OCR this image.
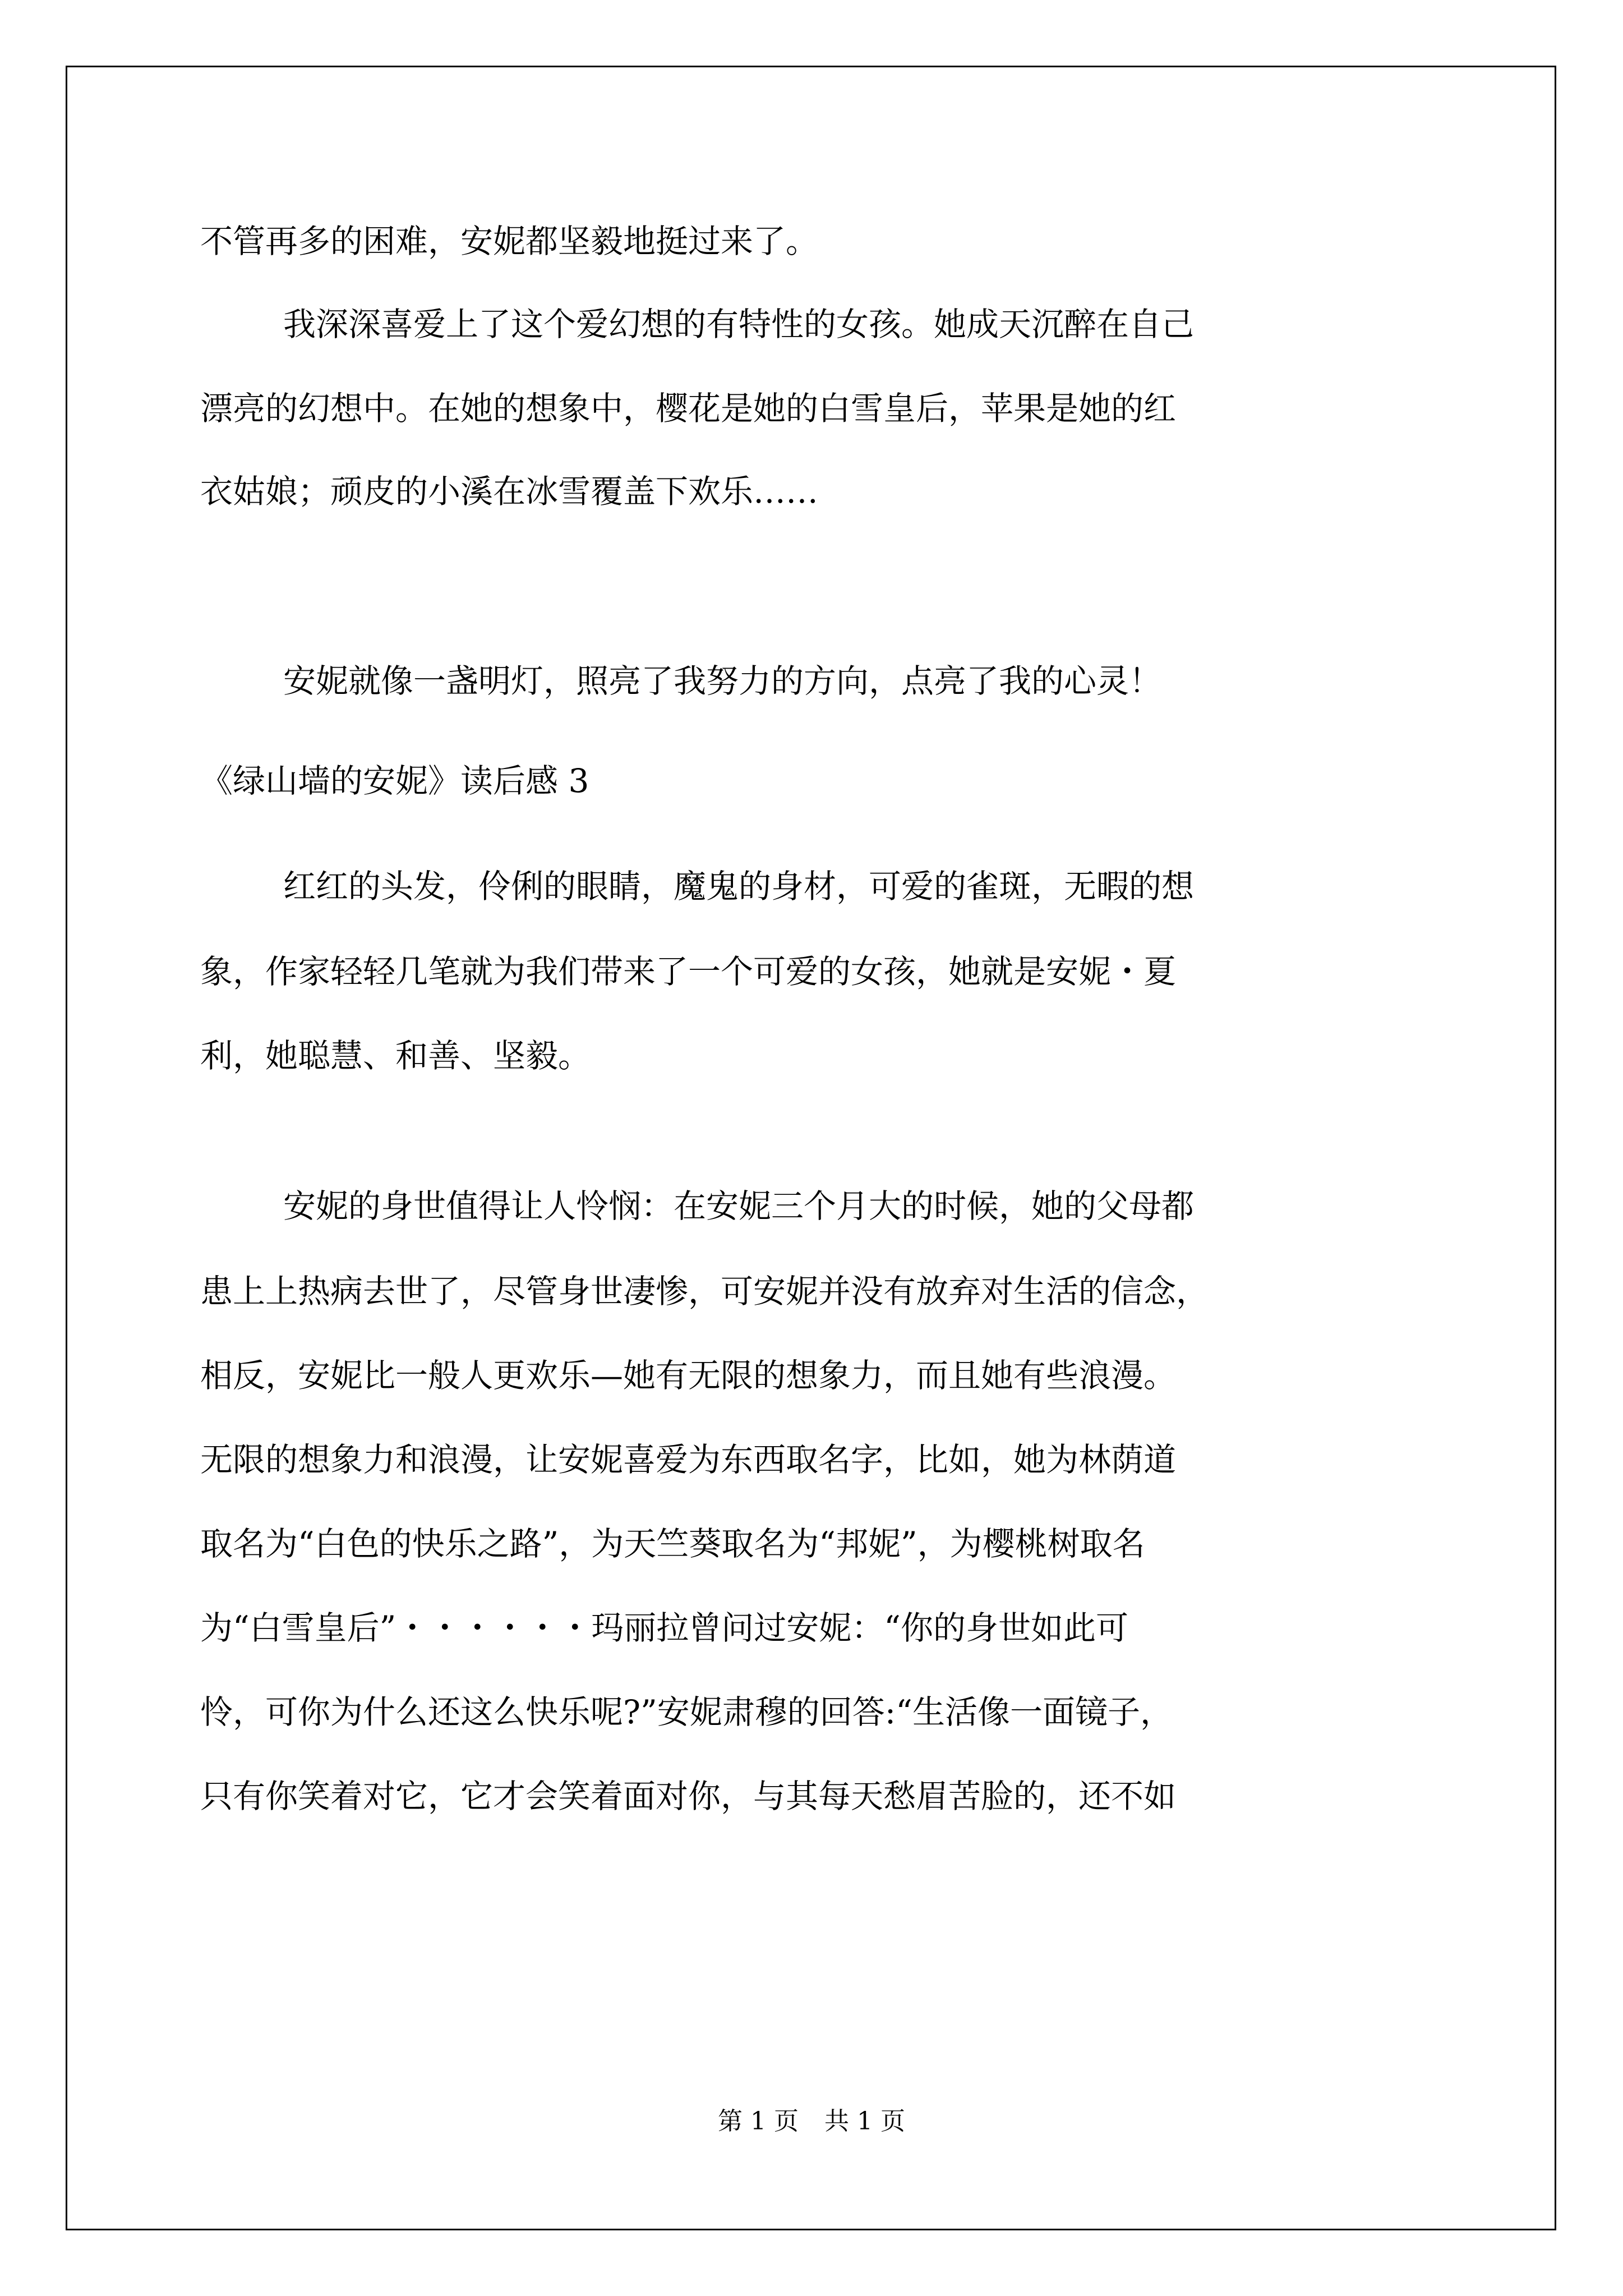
不管再多的困难，安妮都坚毅地挺过来了。
我深深喜爱上了这个爱幻想的有特性的女孩。她成天沉醉在自己
漂亮的幻想中。在她的想象中，樱花是她的白雪皇后，苹果是她的红
衣姑娘；顽皮的小溪在冰雪覆盖下欢乐……
安妮就像一盏明灯，照亮了我努力的方向，点亮了我的心灵！
《绿山墙的安妮》读后感 3
红红的头发，伶俐的眼睛，魔鬼的身材，可爱的雀斑，无暇的想
象，作家轻轻几笔就为我们带来了一个可爱的女孩，她就是安妮・夏
利，她聪慧、和善、坚毅。
安妮的身世值得让人怜悯：在安妮三个月大的时候，她的父母都
患上上热病去世了，尽管身世凄惨，可安妮并没有放弃对生活的信念，
相反，安妮比一般人更欢乐—她有无限的想象力，而且她有些浪漫。
无限的想象力和浪漫，让安妮喜爱为东西取名字，比如，她为林荫道
取名为“白色的快乐之路”，为天竺葵取名为“邦妮”，为樱桃树取名
为“白雪皇后”・・・・・・玛丽拉曾问过安妮：“你的身世如此可
怜，可你为什么还这么快乐呢?”安妮肃穆的回答:“生活像一面镜子，
只有你笑着对它，它才会笑着面对你，与其每天愁眉苦脸的，还不如
第 1 页 共 1 页
